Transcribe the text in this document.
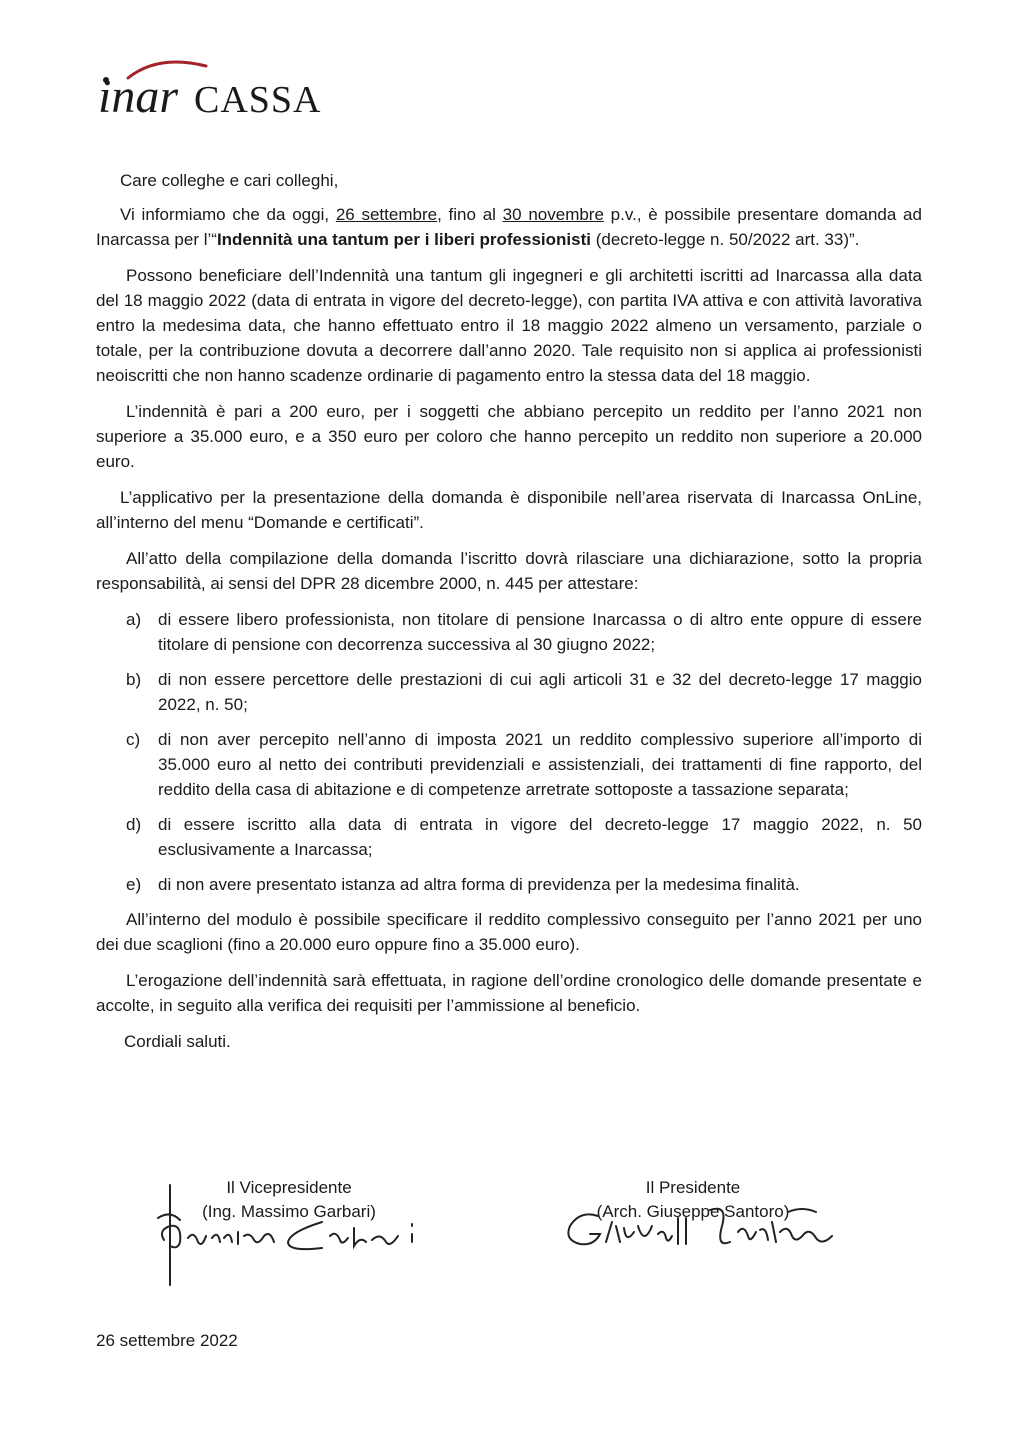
inar CASSA

Care colleghe e cari colleghi,

Vi informiamo che da oggi, 26 settembre, fino al 30 novembre p.v., è possibile presentare domanda ad Inarcassa per l’“Indennità una tantum per i liberi professionisti (decreto-legge n. 50/2022 art. 33)”.

Possono beneficiare dell’Indennità una tantum gli ingegneri e gli architetti iscritti ad Inarcassa alla data del 18 maggio 2022 (data di entrata in vigore del decreto-legge), con partita IVA attiva e con attività lavorativa entro la medesima data, che hanno effettuato entro il 18 maggio 2022 almeno un versamento, parziale o totale, per la contribuzione dovuta a decorrere dall’anno 2020. Tale requisito non si applica ai professionisti neoiscritti che non hanno scadenze ordinarie di pagamento entro la stessa data del 18 maggio.

L’indennità è pari a 200 euro, per i soggetti che abbiano percepito un reddito per l’anno 2021 non superiore a 35.000 euro, e a 350 euro per coloro che hanno percepito un reddito non superiore a 20.000 euro.

L’applicativo per la presentazione della domanda è disponibile nell’area riservata di Inarcassa OnLine, all’interno del menu “Domande e certificati”.

All’atto della compilazione della domanda l’iscritto dovrà rilasciare una dichiarazione, sotto la propria responsabilità, ai sensi del DPR 28 dicembre 2000, n. 445 per attestare:

a) di essere libero professionista, non titolare di pensione Inarcassa o di altro ente oppure di essere titolare di pensione con decorrenza successiva al 30 giugno 2022;
b) di non essere percettore delle prestazioni di cui agli articoli 31 e 32 del decreto-legge 17 maggio 2022, n. 50;
c) di non aver percepito nell’anno di imposta 2021 un reddito complessivo superiore all’importo di 35.000 euro al netto dei contributi previdenziali e assistenziali, dei trattamenti di fine rapporto, del reddito della casa di abitazione e di competenze arretrate sottoposte a tassazione separata;
d) di essere iscritto alla data di entrata in vigore del decreto-legge 17 maggio 2022, n. 50 esclusivamente a Inarcassa;
e) di non avere presentato istanza ad altra forma di previdenza per la medesima finalità.

All’interno del modulo è possibile specificare il reddito complessivo conseguito per l’anno 2021 per uno dei due scaglioni (fino a 20.000 euro oppure fino a 35.000 euro).

L’erogazione dell’indennità sarà effettuata, in ragione dell’ordine cronologico delle domande presentate e accolte, in seguito alla verifica dei requisiti per l’ammissione al beneficio.

Cordiali saluti.

Il Vicepresidente
(Ing. Massimo Garbari)
Il Presidente
(Arch. Giuseppe Santoro)
26 settembre 2022
